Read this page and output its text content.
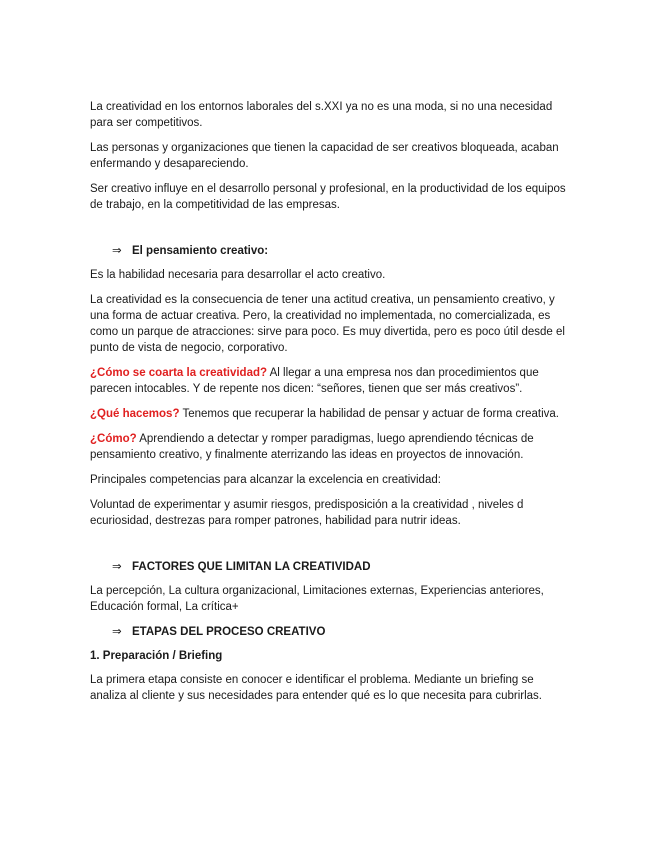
La creatividad en los entornos laborales del s.XXI ya no es una moda, si no una necesidad para ser competitivos.

Las personas y organizaciones que tienen la capacidad de ser creativos bloqueada, acaban enfermando y desapareciendo.

Ser creativo influye en el desarrollo personal y profesional, en la productividad de los equipos de trabajo, en la competitividad de las empresas.

⇒ El pensamiento creativo:

Es la habilidad necesaria para desarrollar el acto creativo.

La creatividad es la consecuencia de tener una actitud creativa, un pensamiento creativo, y una forma de actuar creativa. Pero, la creatividad no implementada, no comercializada, es como un parque de atracciones: sirve para poco. Es muy divertida, pero es poco útil desde el punto de vista de negocio, corporativo.

¿Cómo se coarta la creatividad? Al llegar a una empresa nos dan procedimientos que parecen intocables. Y de repente nos dicen: “señores, tienen que ser más creativos”.

¿Qué hacemos? Tenemos que recuperar la habilidad de pensar y actuar de forma creativa.

¿Cómo? Aprendiendo a detectar y romper paradigmas, luego aprendiendo técnicas de pensamiento creativo, y finalmente aterrizando las ideas en proyectos de innovación.

Principales competencias para alcanzar la excelencia en creatividad:

Voluntad de experimentar y asumir riesgos, predisposición a la creatividad , niveles d ecuriosidad, destrezas para romper patrones, habilidad para nutrir ideas.

⇒ FACTORES QUE LIMITAN LA CREATIVIDAD

La percepción, La cultura organizacional, Limitaciones externas, Experiencias anteriores, Educación formal, La crítica+

⇒ ETAPAS DEL PROCESO CREATIVO

1. Preparación / Briefing

La primera etapa consiste en conocer e identificar el problema. Mediante un briefing se analiza al cliente y sus necesidades para entender qué es lo que necesita para cubrirlas.
